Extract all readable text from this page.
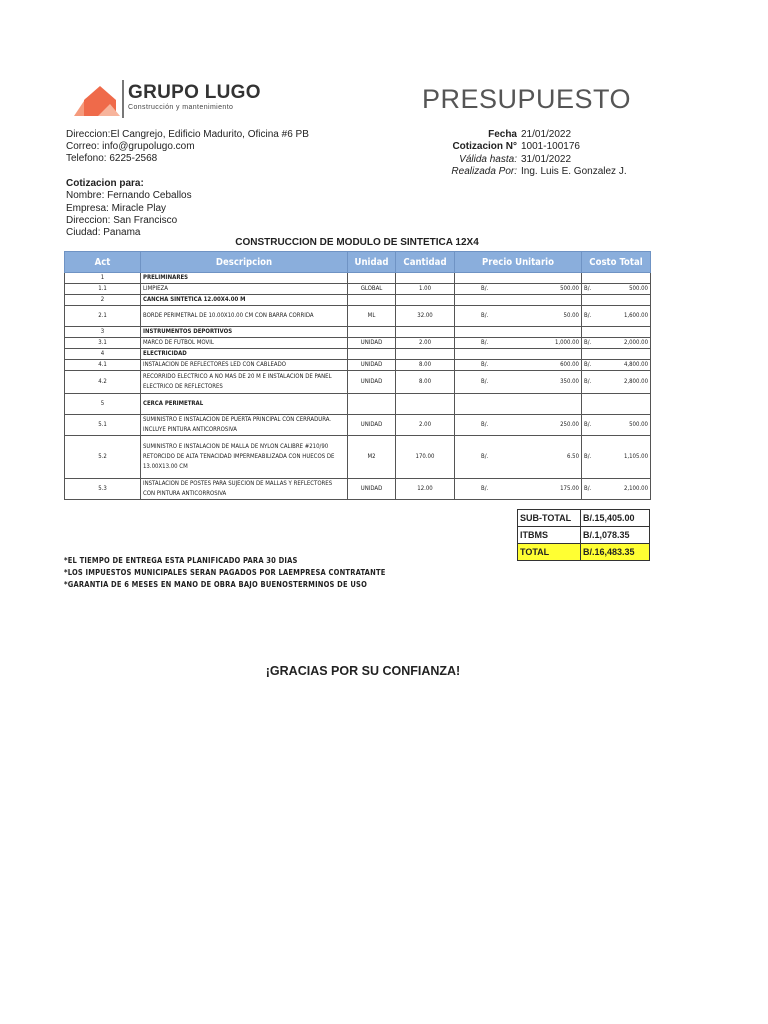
GRUPO LUGO
Construcción y mantenimiento	PRESUPUESTO
Direccion:El Cangrejo, Edificio Madurito, Oficina #6 PB
Correo: info@grupolugo.com
Telefono: 6225-2568
Fecha 21/01/2022
Cotizacion N° 1001-100176
Válida hasta: 31/01/2022
Realizada Por: Ing. Luis E. Gonzalez J.
Cotizacion para:
Nombre: Fernando Ceballos
Empresa: Miracle Play
Direccion: San Francisco
Ciudad: Panama
CONSTRUCCION DE MODULO DE SINTETICA 12X4
Act	Descripcion	Unidad	Cantidad	Precio Unitario	Costo Total
1	PRELIMINARES			

1.1	LIMPIEZA	GLOBAL	1.00	B/. 500.00	B/. 500.00

2	CANCHA SINTETICA 12.00X4.00 M			

2.1	BORDE PERIMETRAL DE 10.00X10.00 CM CON BARRA CORRIDA	ML	32.00	B/. 50.00	B/. 1,600.00

3	INSTRUMENTOS DEPORTIVOS			

3.1	MARCO DE FUTBOL MOVIL	UNIDAD	2.00	B/. 1,000.00	B/. 2,000.00

4	ELECTRICIDAD			

4.1	INSTALACION DE REFLECTORES LED CON CABLEADO	UNIDAD	8.00	B/. 600.00	B/. 4,800.00

4.2	RECORRIDO ELECTRICO A NO MAS DE 20 M E INSTALACION DE PANEL ELECTRICO DE REFLECTORES	UNIDAD	8.00	B/. 350.00	B/. 2,800.00

5	CERCA PERIMETRAL			

5.1	SUMINISTRO E INSTALACION DE PUERTA PRINCIPAL CON CERRADURA. INCLUYE PINTURA ANTICORROSIVA	UNIDAD	2.00	B/. 250.00	B/. 500.00

5.2	SUMINISTRO E INSTALACION DE MALLA DE NYLON CALIBRE #210/90 RETORCIDO DE ALTA TENACIDAD IMPERMEABILIZADA CON HUECOS DE 13.00X13.00 CM	M2	170.00	B/. 6.50	B/. 1,105.00

5.3	INSTALACION DE POSTES PARA SUJECION DE MALLAS Y REFLECTORES CON PINTURA ANTICORROSIVA	UNIDAD	12.00	B/. 175.00	B/. 2,100.00
SUB-TOTAL	B/.15,405.00

ITBMS	B/.1,078.35

TOTAL	B/.16,483.35
*EL TIEMPO DE ENTREGA ESTA PLANIFICADO PARA 30 DIAS
*LOS IMPUESTOS MUNICIPALES SERAN PAGADOS POR LAEMPRESA CONTRATANTE
*GARANTIA DE 6 MESES EN MANO DE OBRA BAJO BUENOSTERMINOS DE USO
¡GRACIAS POR SU CONFIANZA!
